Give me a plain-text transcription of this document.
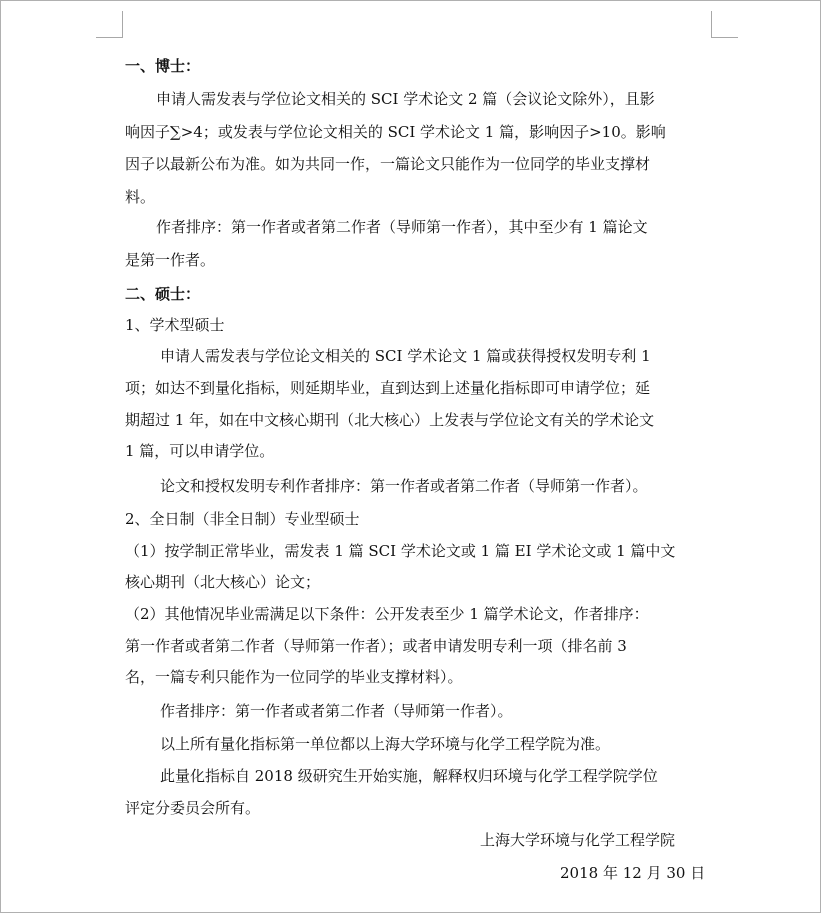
一、博士：
申请人需发表与学位论文相关的 SCI 学术论文 2 篇（会议论文除外），且影
响因子∑>4；或发表与学位论文相关的 SCI 学术论文 1 篇，影响因子>10。影响
因子以最新公布为准。如为共同一作，一篇论文只能作为一位同学的毕业支撑材
料。
作者排序：第一作者或者第二作者（导师第一作者），其中至少有 1 篇论文
是第一作者。
二、硕士：
1、学术型硕士
申请人需发表与学位论文相关的 SCI 学术论文 1 篇或获得授权发明专利 1
项；如达不到量化指标，则延期毕业，直到达到上述量化指标即可申请学位；延
期超过 1 年，如在中文核心期刊（北大核心）上发表与学位论文有关的学术论文
1 篇，可以申请学位。
论文和授权发明专利作者排序：第一作者或者第二作者（导师第一作者）。
2、全日制（非全日制）专业型硕士
（1）按学制正常毕业，需发表 1 篇 SCI 学术论文或 1 篇 EI 学术论文或 1 篇中文
核心期刊（北大核心）论文；
（2）其他情况毕业需满足以下条件：公开发表至少 1 篇学术论文，作者排序：
第一作者或者第二作者（导师第一作者）；或者申请发明专利一项（排名前 3
名，一篇专利只能作为一位同学的毕业支撑材料）。
作者排序：第一作者或者第二作者（导师第一作者）。
以上所有量化指标第一单位都以上海大学环境与化学工程学院为准。
此量化指标自 2018 级研究生开始实施，解释权归环境与化学工程学院学位
评定分委员会所有。
上海大学环境与化学工程学院
2018 年 12 月 30 日
